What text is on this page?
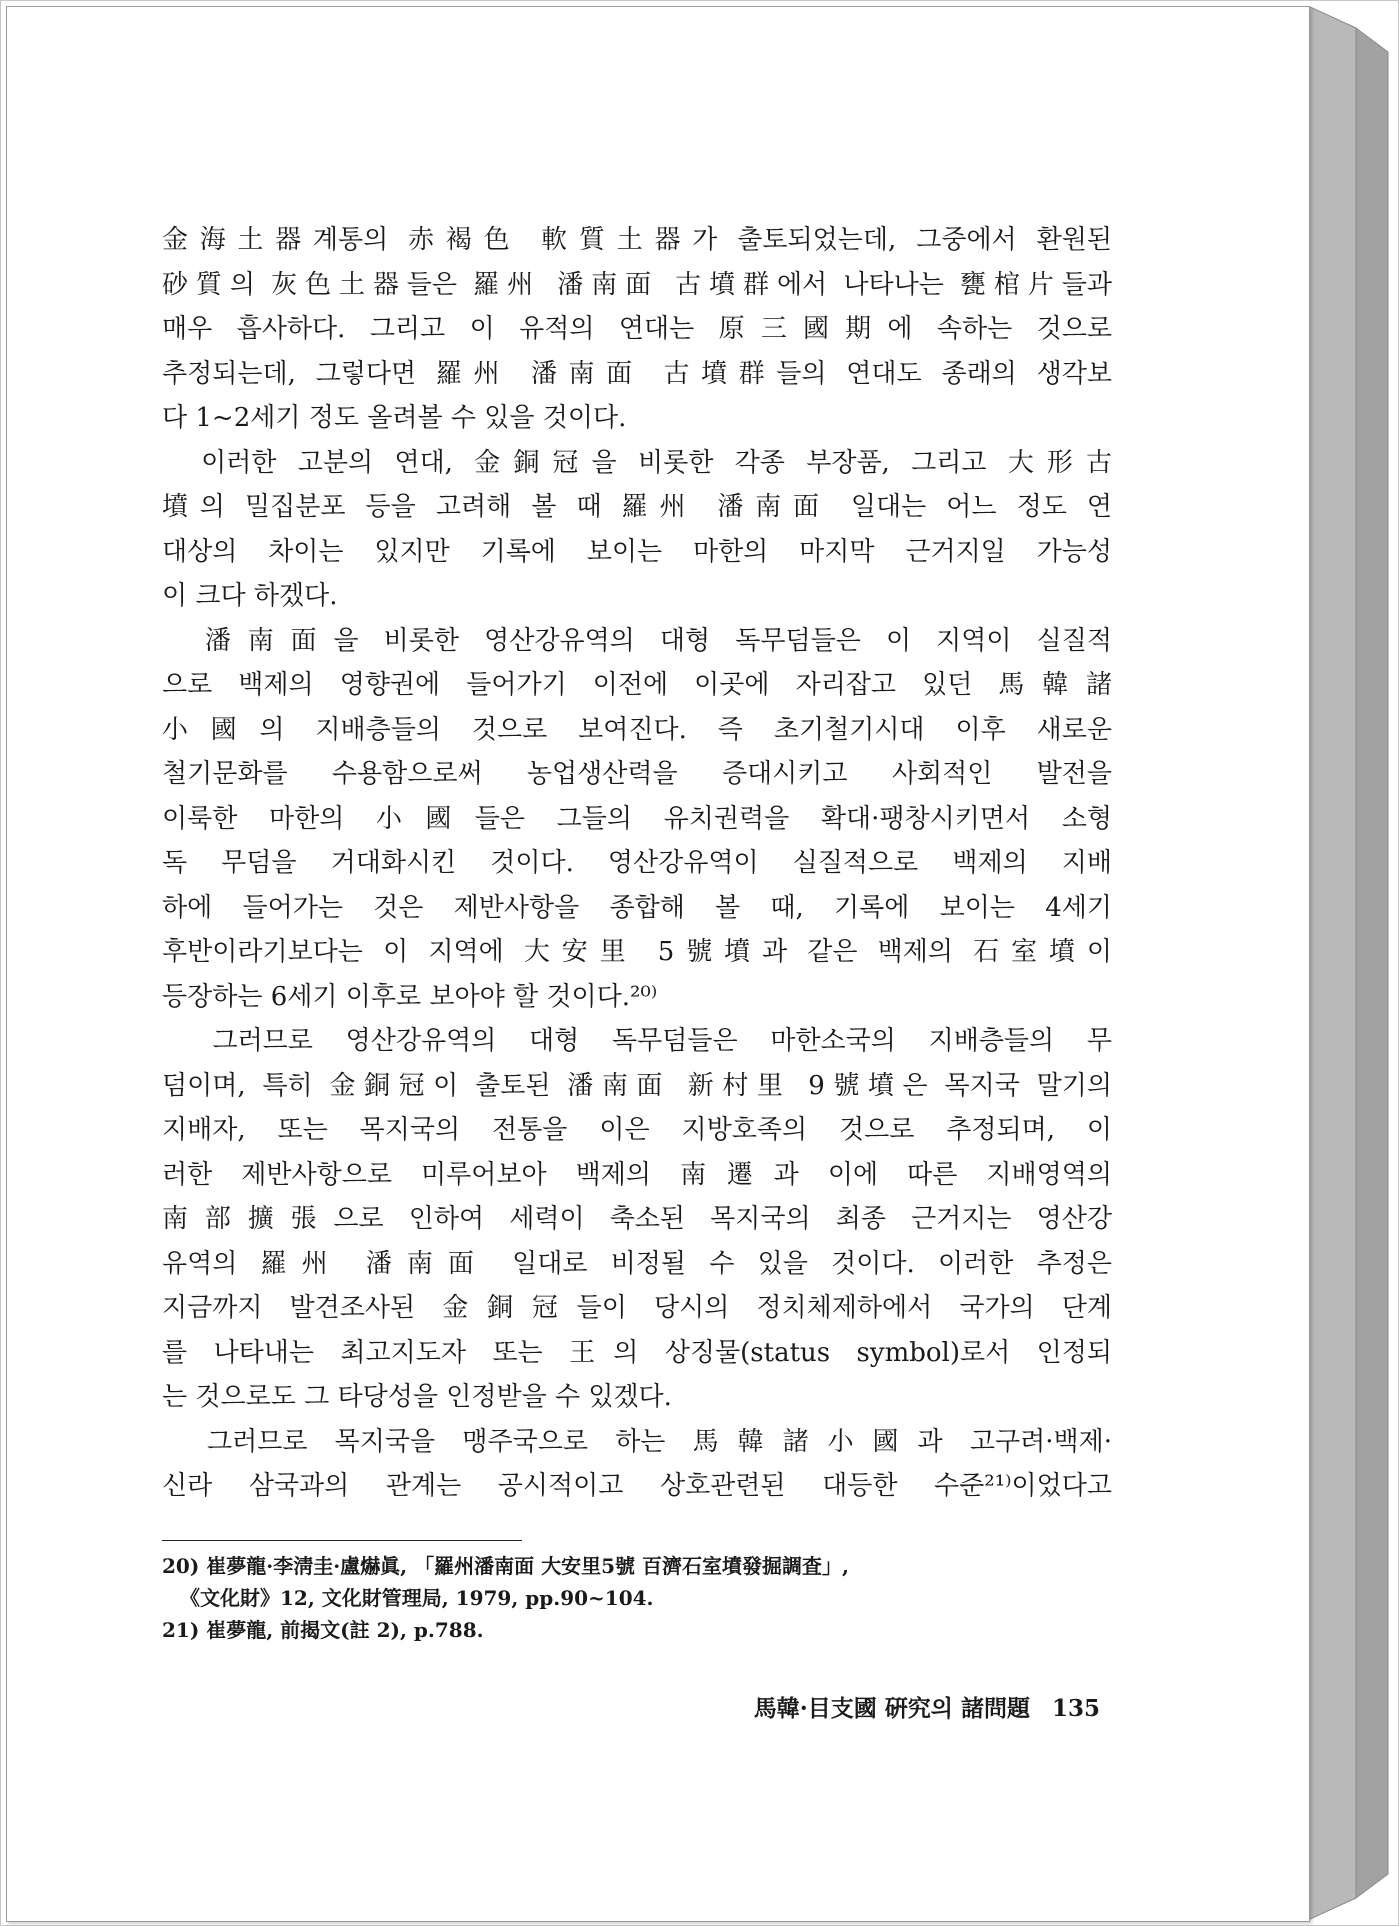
金海土器계통의 赤褐色 軟質土器가 출토되었는데, 그중에서 환원된
砂質의 灰色土器들은 羅州 潘南面 古墳群에서 나타나는 甕棺片들과
매우 흡사하다. 그리고 이 유적의 연대는 原三國期에 속하는 것으로
추정되는데, 그렇다면 羅州 潘南面 古墳群들의 연대도 종래의 생각보
다 1~2세기 정도 올려볼 수 있을 것이다.
　이러한 고분의 연대, 金銅冠을 비롯한 각종 부장품, 그리고 大形古
墳의 밀집분포 등을 고려해 볼 때 羅州 潘南面 일대는 어느 정도 연
대상의 차이는 있지만 기록에 보이는 마한의 마지막 근거지일 가능성
이 크다 하겠다.
　潘南面을 비롯한 영산강유역의 대형 독무덤들은 이 지역이 실질적
으로 백제의 영향권에 들어가기 이전에 이곳에 자리잡고 있던 馬韓諸
小國의 지배층들의 것으로 보여진다. 즉 초기철기시대 이후 새로운
철기문화를 수용함으로써 농업생산력을 증대시키고 사회적인 발전을
이룩한 마한의 小國들은 그들의 유치권력을 확대·팽창시키면서 소형
독 무덤을 거대화시킨 것이다. 영산강유역이 실질적으로 백제의 지배
하에 들어가는 것은 제반사항을 종합해 볼 때, 기록에 보이는 4세기
후반이라기보다는 이 지역에 大安里 5號墳과 같은 백제의 石室墳이
등장하는 6세기 이후로 보아야 할 것이다.²⁰⁾
　그러므로 영산강유역의 대형 독무덤들은 마한소국의 지배층들의 무
덤이며, 특히 金銅冠이 출토된 潘南面 新村里 9號墳은 목지국 말기의
지배자, 또는 목지국의 전통을 이은 지방호족의 것으로 추정되며, 이
러한 제반사항으로 미루어보아 백제의 南遷과 이에 따른 지배영역의
南部擴張으로 인하여 세력이 축소된 목지국의 최종 근거지는 영산강
유역의 羅州 潘南面 일대로 비정될 수 있을 것이다. 이러한 추정은
지금까지 발견조사된 金銅冠들이 당시의 정치체제하에서 국가의 단계
를 나타내는 최고지도자 또는 王의 상징물(status symbol)로서 인정되
는 것으로도 그 타당성을 인정받을 수 있겠다.
　그러므로 목지국을 맹주국으로 하는 馬韓諸小國과 고구려·백제·
신라 삼국과의 관계는 공시적이고 상호관련된 대등한 수준²¹⁾이었다고
20) 崔夢龍·李淸圭·盧爀眞, 「羅州潘南面 大安里5號 百濟石室墳發掘調査」,
《文化財》12, 文化財管理局, 1979, pp.90~104.
21) 崔夢龍, 前揭文(註 2), p.788.
馬韓·目支國 硏究의 諸問題 135
